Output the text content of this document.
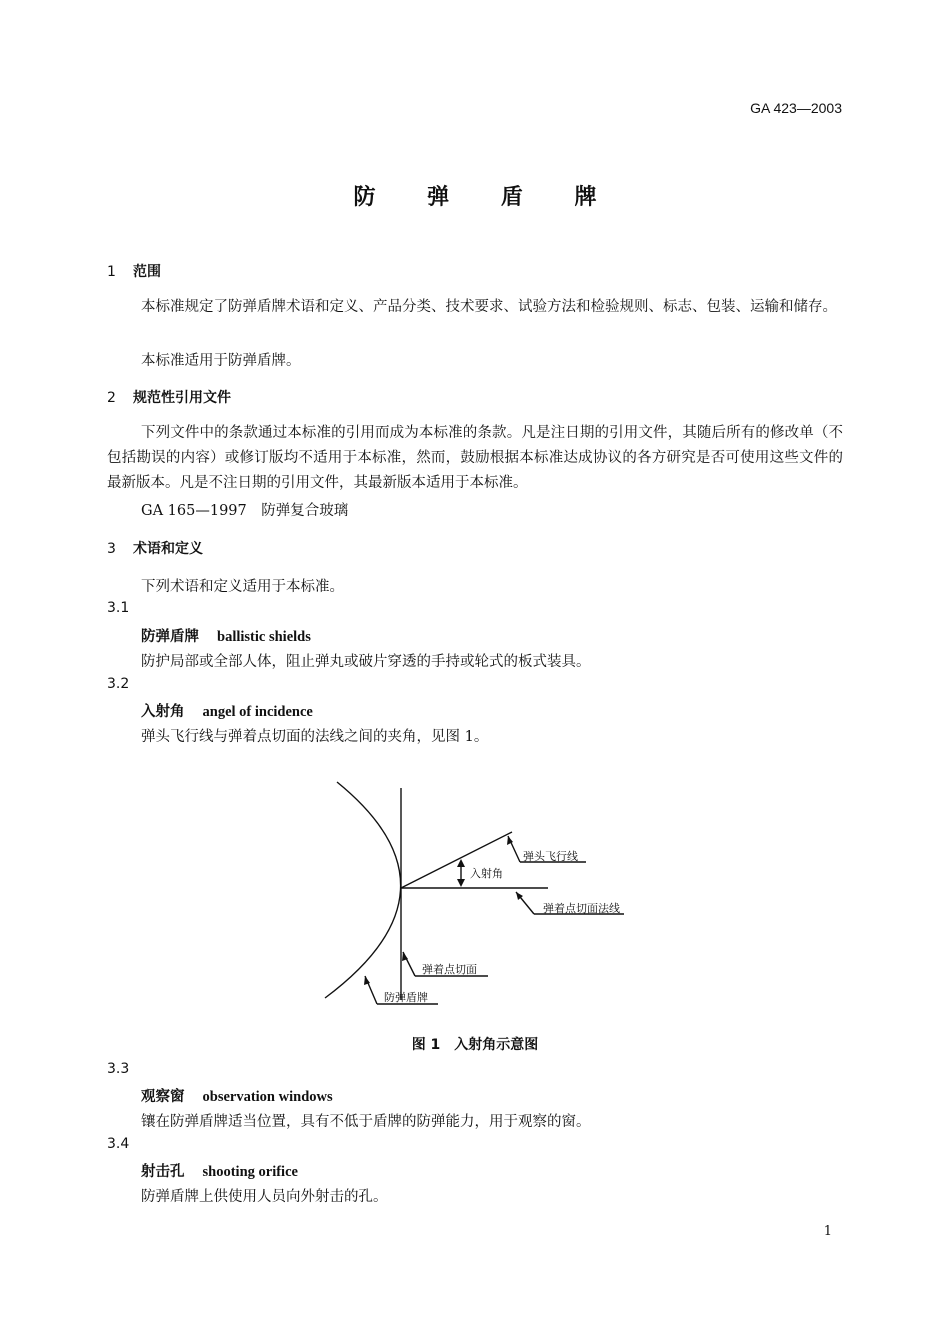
GA 423—2003
防 弹 盾 牌
1 范围
本标准规定了防弹盾牌术语和定义、产品分类、技术要求、试验方法和检验规则、标志、包装、运输和储存。
本标准适用于防弹盾牌。
2 规范性引用文件
下列文件中的条款通过本标准的引用而成为本标准的条款。凡是注日期的引用文件，其随后所有的修改单（不包括勘误的内容）或修订版均不适用于本标准，然而，鼓励根据本标准达成协议的各方研究是否可使用这些文件的最新版本。凡是不注日期的引用文件，其最新版本适用于本标准。
GA 165—1997　防弹复合玻璃
3 术语和定义
下列术语和定义适用于本标准。
3.1
防弹盾牌 ballistic shields
防护局部或全部人体，阻止弹丸或破片穿透的手持或轮式的板式装具。
3.2
入射角 angel of incidence
弹头飞行线与弹着点切面的法线之间的夹角，见图 1。
弹头飞行线
入射角
弹着点切面法线
弹着点切面
防弹盾牌
图 1　入射角示意图
3.3
观察窗 observation windows
镶在防弹盾牌适当位置，具有不低于盾牌的防弹能力，用于观察的窗。
3.4
射击孔 shooting orifice
防弹盾牌上供使用人员向外射击的孔。
1
